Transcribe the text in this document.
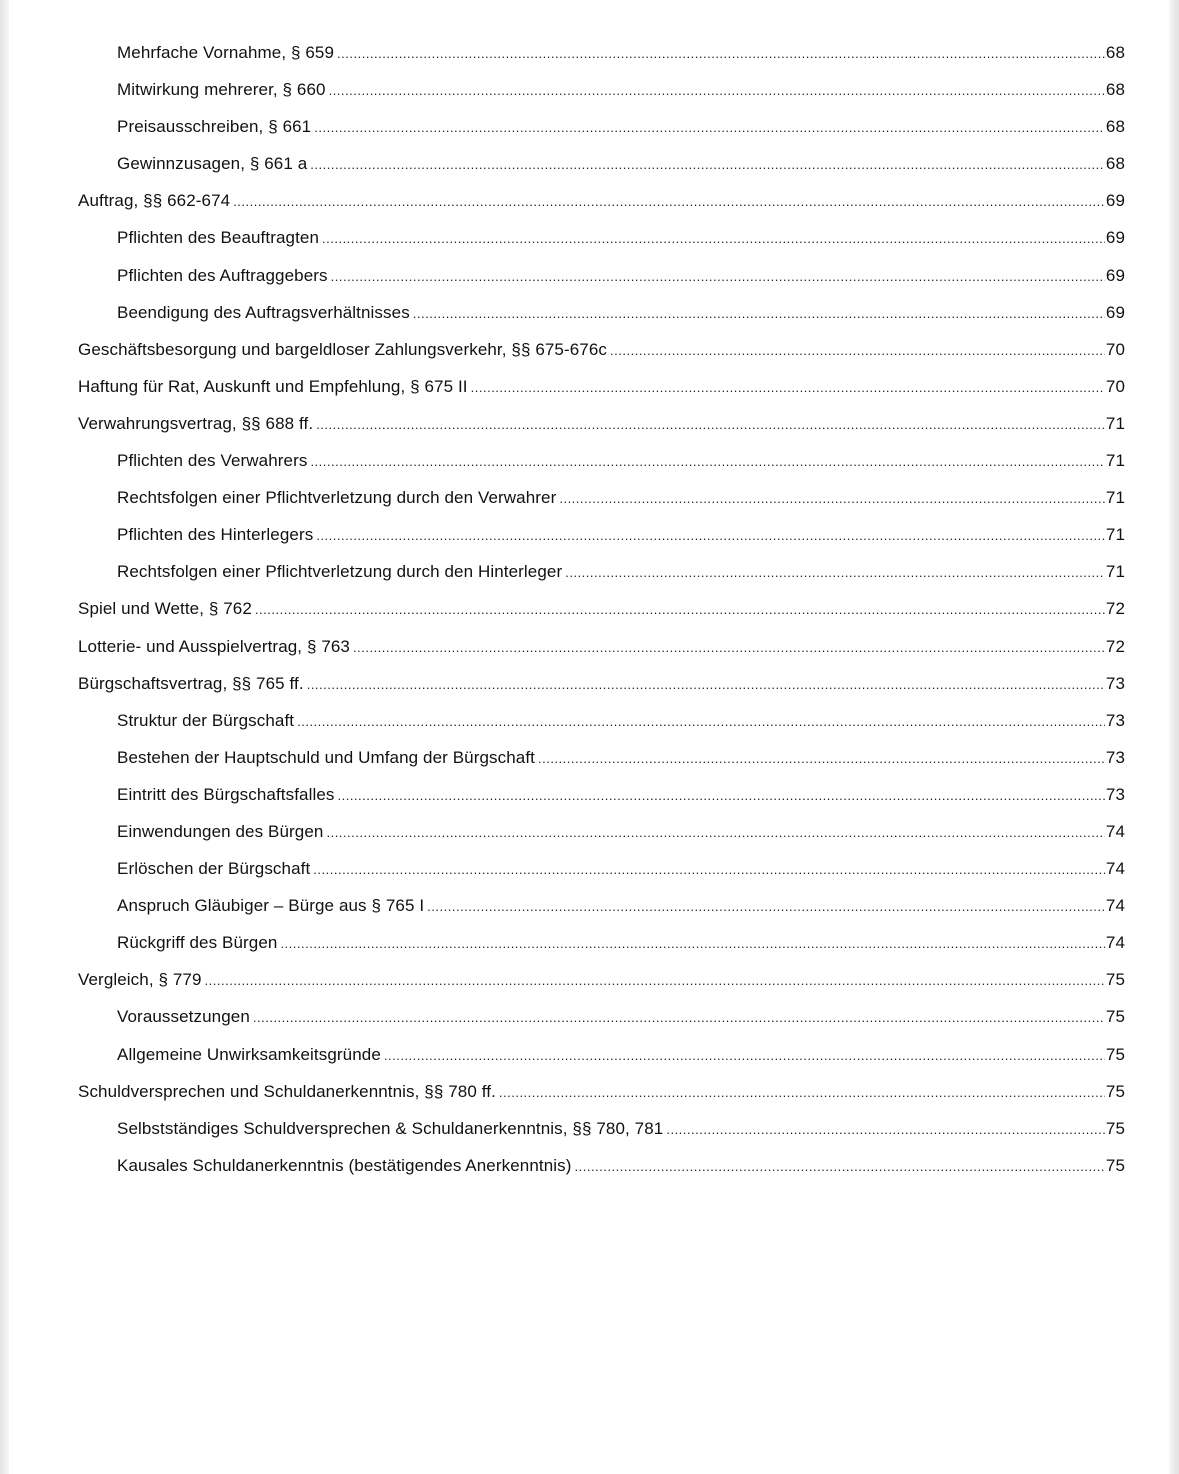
Mehrfache Vornahme, § 659 .....	68
Mitwirkung mehrerer, § 660 .....	68
Preisausschreiben, § 661 .....	68
Gewinnzusagen, § 661 a .....	68
Auftrag, §§ 662-674 .....	69
Pflichten des Beauftragten .....	69
Pflichten des Auftraggebers .....	69
Beendigung des Auftragsverhältnisses .....	69
Geschäftsbesorgung und bargeldloser Zahlungsverkehr, §§ 675-676c .....	70
Haftung für Rat, Auskunft und Empfehlung, § 675 II .....	70
Verwahrungsvertrag, §§ 688 ff. .....	71
Pflichten des Verwahrers .....	71
Rechtsfolgen einer Pflichtverletzung durch den Verwahrer .....	71
Pflichten des Hinterlegers .....	71
Rechtsfolgen einer Pflichtverletzung durch den Hinterleger .....	71
Spiel und Wette, § 762 .....	72
Lotterie- und Ausspielvertrag, § 763 .....	72
Bürgschaftsvertrag, §§ 765 ff. .....	73
Struktur der Bürgschaft .....	73
Bestehen der Hauptschuld und Umfang der Bürgschaft .....	73
Eintritt des Bürgschaftsfalles .....	73
Einwendungen des Bürgen .....	74
Erlöschen der Bürgschaft .....	74
Anspruch Gläubiger – Bürge aus § 765 I .....	74
Rückgriff des Bürgen .....	74
Vergleich, § 779 .....	75
Voraussetzungen .....	75
Allgemeine Unwirksamkeitsgründe .....	75
Schuldversprechen und Schuldanerkenntnis, §§ 780 ff. .....	75
Selbstständiges Schuldversprechen & Schuldanerkenntnis, §§ 780, 781 .....	75
Kausales Schuldanerkenntnis (bestätigendes Anerkenntnis) .....	75
